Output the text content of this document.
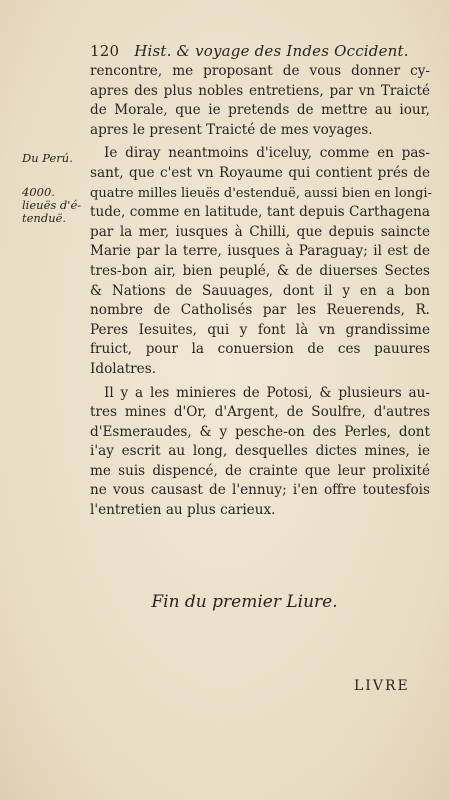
120 Hist. & voyage des Indes Occident.
Du Perú.
4000.
lieuës d'é-
tenduë.
rencontre, me proposant de vous donner cy-
apres des plus nobles entretiens, par vn Traicté
de Morale, que ie pretends de mettre au iour,
apres le present Traicté de mes voyages.
Ie diray neantmoins d'iceluy, comme en pas-
sant, que c'est vn Royaume qui contient prés de
quatre milles lieuës d'estenduë, aussi bien en longi-
tude, comme en latitude, tant depuis Carthagena
par la mer, iusques à Chilli, que depuis saincte
Marie par la terre, iusques à Paraguay; il est de
tres-bon air, bien peuplé, & de diuerses Sectes
& Nations de Sauuages, dont il y en a bon
nombre de Catholisés par les Reuerends, R.
Peres Iesuites, qui y font là vn grandissime
fruict, pour la conuersion de ces pauures
Idolatres.
Il y a les minieres de Potosi, & plusieurs au-
tres mines d'Or, d'Argent, de Soulfre, d'autres
d'Esmeraudes, & y pesche-on des Perles, dont
i'ay escrit au long, desquelles dictes mines, ie
me suis dispencé, de crainte que leur prolixité
ne vous causast de l'ennuy; i'en offre toutesfois
l'entretien au plus carieux.
Fin du premier Liure.
LIVRE
